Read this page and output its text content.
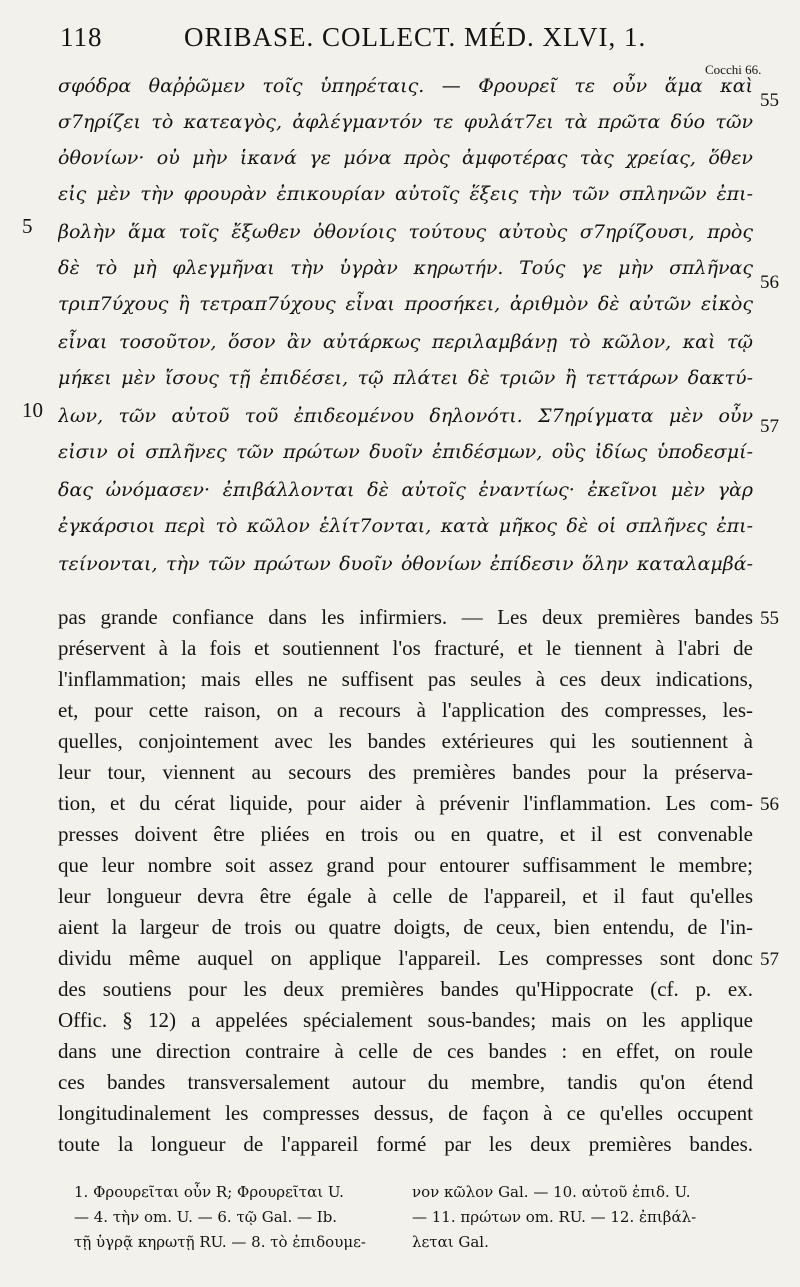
118	ORIBASE. COLLECT. MÉD. XLVI, 1.
Cocchi 66.
σφόδρα θαῤῥῶμεν τοῖς ὑπηρέταις. — Φρουρεῖ τε οὖν ἅμα καὶ
σ7ηρίζει τὸ κατεαγὸς, ἀφλέγμαντόν τε φυλάτ7ει τὰ πρῶτα δύο τῶν
ὀθονίων· οὐ μὴν ἱκανά γε μόνα πρὸς ἀμφοτέρας τὰς χρείας, ὅθεν
εἰς μὲν τὴν φρουρὰν ἐπικουρίαν αὐτοῖς ἕξεις τὴν τῶν σπληνῶν ἐπι-
βολὴν ἅμα τοῖς ἔξωθεν ὀθονίοις τούτους αὐτοὺς σ7ηρίζουσι, πρὸς
δὲ τὸ μὴ φλεγμῆναι τὴν ὑγρὰν κηρωτήν. Τούς γε μὴν σπλῆνας
τριπ7ύχους ἢ τετραπ7ύχους εἶναι προσήκει, ἀριθμὸν δὲ αὐτῶν εἰκὸς
εἶναι τοσοῦτον, ὅσον ἂν αὐτάρκως περιλαμβάνῃ τὸ κῶλον, καὶ τῷ
μήκει μὲν ἴσους τῇ ἐπιδέσει, τῷ πλάτει δὲ τριῶν ἢ τεττάρων δακτύ-
λων, τῶν αὐτοῦ τοῦ ἐπιδεομένου δηλονότι. Σ7ηρίγματα μὲν οὖν
εἰσιν οἱ σπλῆνες τῶν πρώτων δυοῖν ἐπιδέσμων, οὓς ἰδίως ὑποδεσμί-
δας ὠνόμασεν· ἐπιβάλλονται δὲ αὐτοῖς ἐναντίως· ἐκεῖνοι μὲν γὰρ
ἐγκάρσιοι περὶ τὸ κῶλον ἑλίτ7ονται, κατὰ μῆκος δὲ οἱ σπλῆνες ἐπι-
τείνονται, τὴν τῶν πρώτων δυοῖν ὀθονίων ἐπίδεσιν ὅλην καταλαμβά-
5
10
55
56
57
pas grande confiance dans les infirmiers. — Les deux premières bandes
préservent à la fois et soutiennent l'os fracturé, et le tiennent à l'abri de
l'inflammation; mais elles ne suffisent pas seules à ces deux indications,
et, pour cette raison, on a recours à l'application des compresses, les-
quelles, conjointement avec les bandes extérieures qui les soutiennent à
leur tour, viennent au secours des premières bandes pour la préserva-
tion, et du cérat liquide, pour aider à prévenir l'inflammation. Les com-
presses doivent être pliées en trois ou en quatre, et il est convenable
que leur nombre soit assez grand pour entourer suffisamment le membre;
leur longueur devra être égale à celle de l'appareil, et il faut qu'elles
aient la largeur de trois ou quatre doigts, de ceux, bien entendu, de l'in-
dividu même auquel on applique l'appareil. Les compresses sont donc
des soutiens pour les deux premières bandes qu'Hippocrate (cf. p. ex.
Offic. § 12) a appelées spécialement sous-bandes; mais on les applique
dans une direction contraire à celle de ces bandes : en effet, on roule
ces bandes transversalement autour du membre, tandis qu'on étend
longitudinalement les compresses dessus, de façon à ce qu'elles occupent
toute la longueur de l'appareil formé par les deux premières bandes.
55
56
57
1. Φρουρεῖται οὖν R; Φρουρεῖται U.
— 4. τὴν om. U. — 6. τῷ Gal. — Ib.
τῇ ὑγρᾷ κηρωτῇ RU. — 8. τὸ ἐπιδουμε-
νον κῶλον Gal. — 10. αὐτοῦ ἐπιδ. U.
— 11. πρώτων om. RU. — 12. ἐπιβάλ-
λεται Gal.
